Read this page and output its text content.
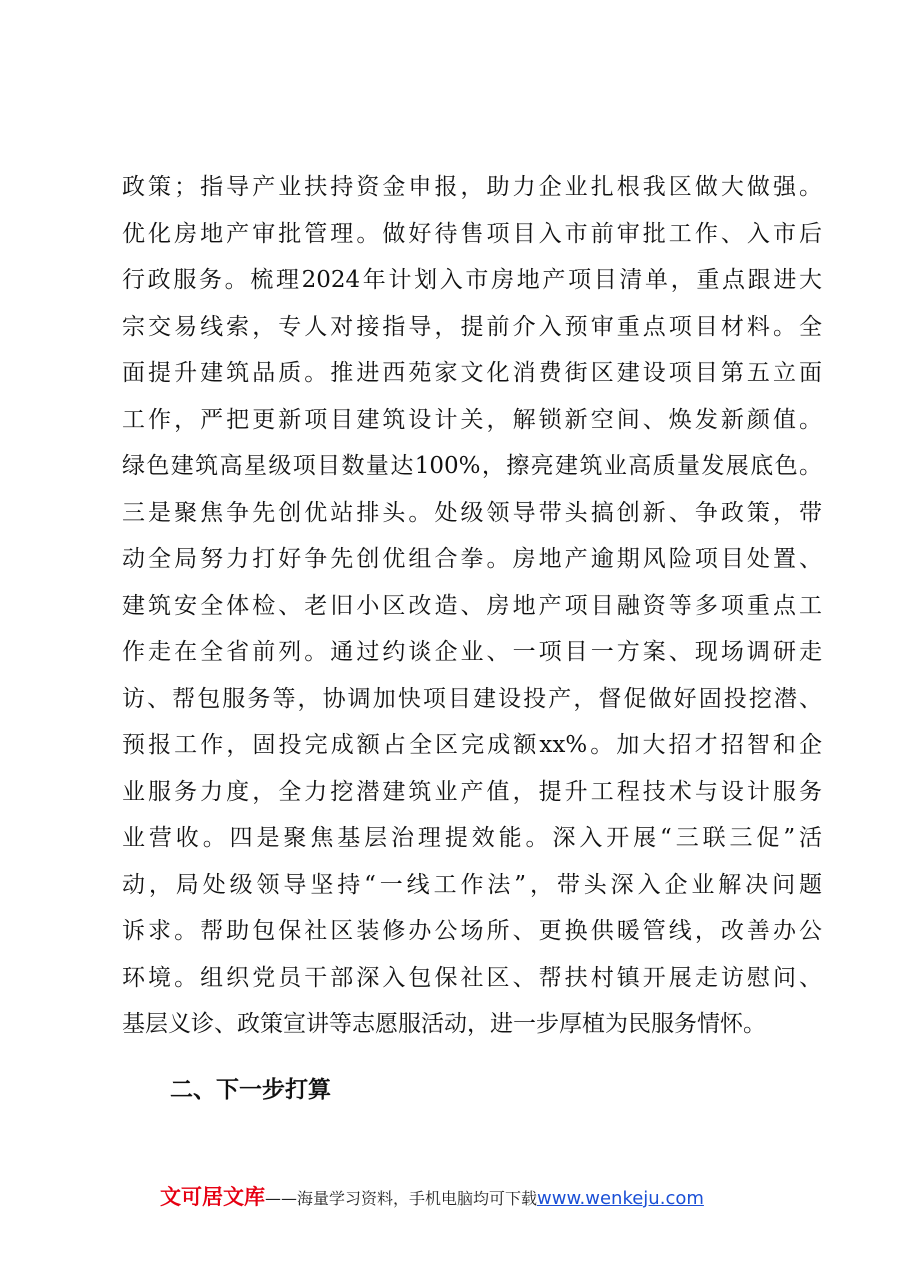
政策；指导产业扶持资金申报，助力企业扎根我区做大做强。
优化房地产审批管理。做好待售项目入市前审批工作、入市后
行政服务。梳理2024年计划入市房地产项目清单，重点跟进大
宗交易线索，专人对接指导，提前介入预审重点项目材料。全
面提升建筑品质。推进西苑家文化消费街区建设项目第五立面
工作，严把更新项目建筑设计关，解锁新空间、焕发新颜值。
绿色建筑高星级项目数量达100%，擦亮建筑业高质量发展底色。
三是聚焦争先创优站排头。处级领导带头搞创新、争政策，带
动全局努力打好争先创优组合拳。房地产逾期风险项目处置、
建筑安全体检、老旧小区改造、房地产项目融资等多项重点工
作走在全省前列。通过约谈企业、一项目一方案、现场调研走
访、帮包服务等，协调加快项目建设投产，督促做好固投挖潜、
预报工作，固投完成额占全区完成额xx%。加大招才招智和企
业服务力度，全力挖潜建筑业产值，提升工程技术与设计服务
业营收。四是聚焦基层治理提效能。深入开展“三联三促”活
动，局处级领导坚持“一线工作法”，带头深入企业解决问题
诉求。帮助包保社区装修办公场所、更换供暖管线，改善办公
环境。组织党员干部深入包保社区、帮扶村镇开展走访慰问、
基层义诊、政策宣讲等志愿服活动，进一步厚植为民服务情怀。
二、下一步打算
文可居文库——海量学习资料，手机电脑均可下载www.wenkeju.com
